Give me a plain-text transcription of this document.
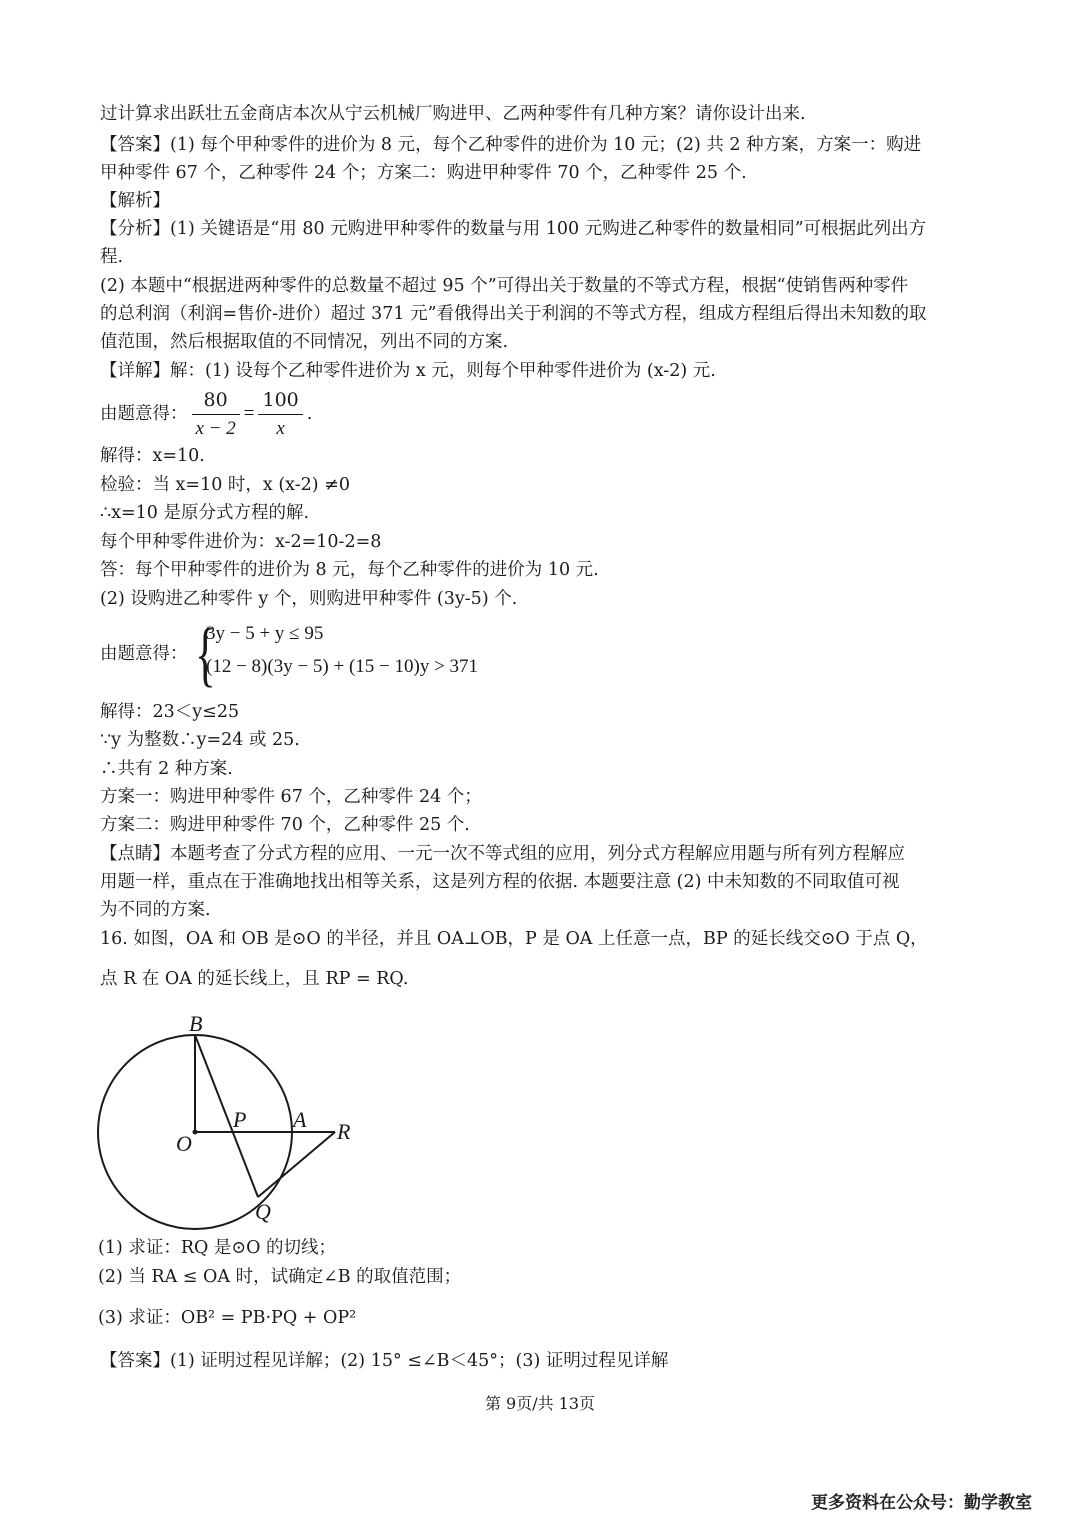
过计算求出跃壮五金商店本次从宁云机械厂购进甲、乙两种零件有几种方案？请你设计出来.
【答案】(1) 每个甲种零件的进价为 8 元，每个乙种零件的进价为 10 元；(2) 共 2 种方案，方案一：购进
甲种零件 67 个，乙种零件 24 个；方案二：购进甲种零件 70 个，乙种零件 25 个.
【解析】
【分析】(1) 关键语是“用 80 元购进甲种零件的数量与用 100 元购进乙种零件的数量相同”可根据此列出方
程.
(2) 本题中“根据进两种零件的总数量不超过 95 个”可得出关于数量的不等式方程，根据“使销售两种零件
的总利润（利润=售价-进价）超过 371 元”看俄得出关于利润的不等式方程，组成方程组后得出未知数的取
值范围，然后根据取值的不同情况，列出不同的方案.
【详解】解：(1) 设每个乙种零件进价为 x 元，则每个甲种零件进价为 (x-2) 元.
由题意得： $\frac{80}{x - 2} = \frac{100}{x}$ .
解得：x=10.
检验：当 x=10 时，x (x-2) ≠0
∴x=10 是原分式方程的解.
每个甲种零件进价为：x-2=10-2=8
答：每个甲种零件的进价为 8 元，每个乙种零件的进价为 10 元.
(2) 设购进乙种零件 y 个，则购进甲种零件 (3y-5) 个.
由题意得： {
3y − 5 + y ≤ 95
(12 − 8)(3y − 5) + (15 − 10)y > 371
解得：23＜y≤25
∵y 为整数∴y=24 或 25.
∴共有 2 种方案.
方案一：购进甲种零件 67 个，乙种零件 24 个；
方案二：购进甲种零件 70 个，乙种零件 25 个.
【点睛】本题考查了分式方程的应用、一元一次不等式组的应用，列分式方程解应用题与所有列方程解应
用题一样，重点在于准确地找出相等关系，这是列方程的依据. 本题要注意 (2) 中未知数的不同取值可视
为不同的方案.
16. 如图，OA 和 OB 是⊙O 的半径，并且 OA⊥OB，P 是 OA 上任意一点，BP 的延长线交⊙O 于点 Q，
点 R 在 OA 的延长线上，且 RP = RQ.
B
O
P A R
Q
(1) 求证：RQ 是⊙O 的切线；
(2) 当 RA ≤ OA 时，试确定∠B 的取值范围；
(3) 求证：OB² = PB·PQ + OP²
【答案】(1) 证明过程见详解；(2) 15° ≤∠B＜45°；(3) 证明过程见详解
第 9页/共 13页
更多资料在公众号：勤学教室
